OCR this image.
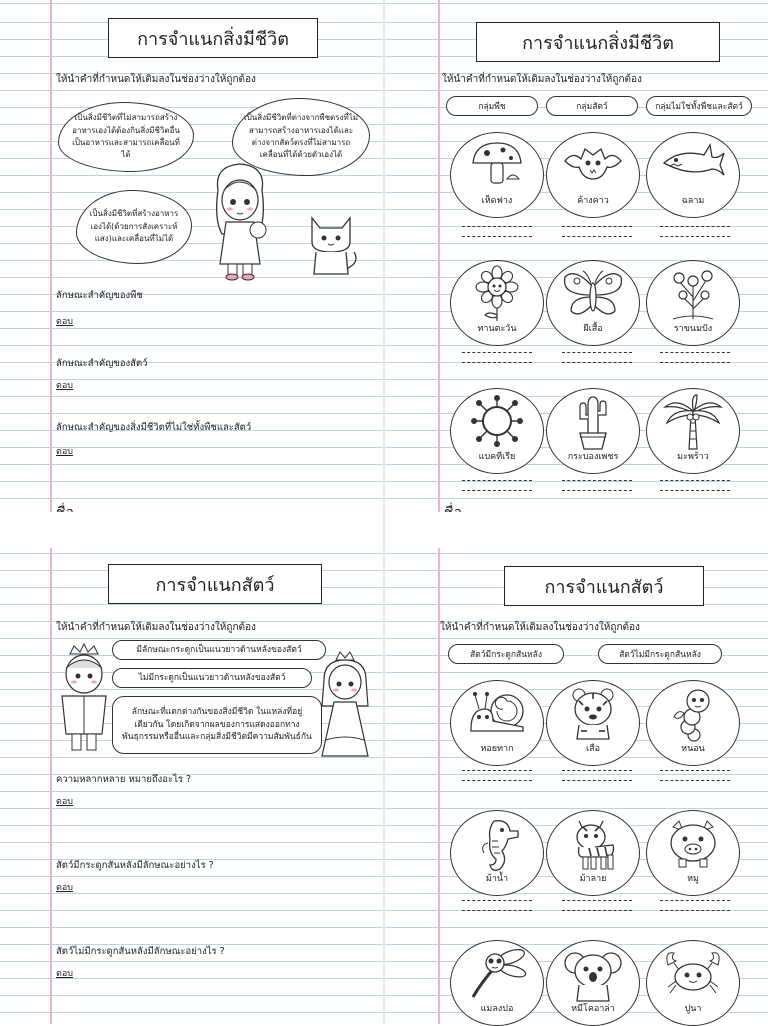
การจำแนกสิ่งมีชีวิต
ให้นำคำที่กำหนดให้เติมลงในช่องว่างให้ถูกต้อง
เป็นสิ่งมีชีวิตที่ไม่สามารถสร้างอาหารเองได้ต้องกินสิ่งมีชีวิตอื่นเป็นอาหารและสามารถเคลื่อนที่ได้
เป็นสิ่งมีชีวิตที่ต่างจากพืชตรงที่ไม่สามารถสร้างอาหารเองได้และต่างจากสัตว์ตรงที่ไม่สามารถเคลื่อนที่ได้ด้วยตัวเองได้
เป็นสิ่งมีชีวิตที่สร้างอาหารเองได้(ด้วยการสังเคราะห์แสง)และเคลื่อนที่ไม่ได้
ลักษณะสำคัญของพืช
ตอบ
ลักษณะสำคัญของสัตว์
ตอบ
ลักษณะสำคัญของสิ่งมีชีวิตที่ไม่ใช่ทั้งพืชและสัตว์
ตอบ
การจำแนกสิ่งมีชีวิต
ให้นำคำที่กำหนดให้เติมลงในช่องว่างให้ถูกต้อง
กลุ่มพืช	กลุ่มสัตว์	กลุ่มไม่ใช่ทั้งพืชและสัตว์
เห็ดฟาง	ค้างคาว	ฉลาม
ทานตะวัน	ผีเสื้อ	ราขนมปัง
แบคทีเรีย	กระบองเพชร	มะพร้าว
การจำแนกสัตว์
ให้นำคำที่กำหนดให้เติมลงในช่องว่างให้ถูกต้อง
มีลักษณะกระดูกเป็นแนวยาวด้านหลังของสัตว์
ไม่มีกระดูกเป็นแนวยาวด้านหลังของสัตว์
ลักษณะที่แตกต่างกันของสิ่งมีชีวิต ในแหล่งที่อยู่เดียวกัน โดยเกิดจากผลของการแสดงออกทางพันธุกรรมหรืออื่นและกลุ่มสิ่งมีชีวิตมีความสัมพันธ์กัน
ความหลากหลาย หมายถึงอะไร ?
ตอบ
สัตว์มีกระดูกสันหลังมีลักษณะอย่างไร ?
ตอบ
สัตว์ไม่มีกระดูกสันหลังมีลักษณะอย่างไร ?
ตอบ
การจำแนกสัตว์
ให้นำคำที่กำหนดให้เติมลงในช่องว่างให้ถูกต้อง
สัตว์มีกระดูกสันหลัง	สัตว์ไม่มีกระดูกสันหลัง
หอยทาก	เสือ	หนอน
ม้าน้ำ	ม้าลาย	หมู
แมลงปอ	หมีโคอาล่า	ปูนา
